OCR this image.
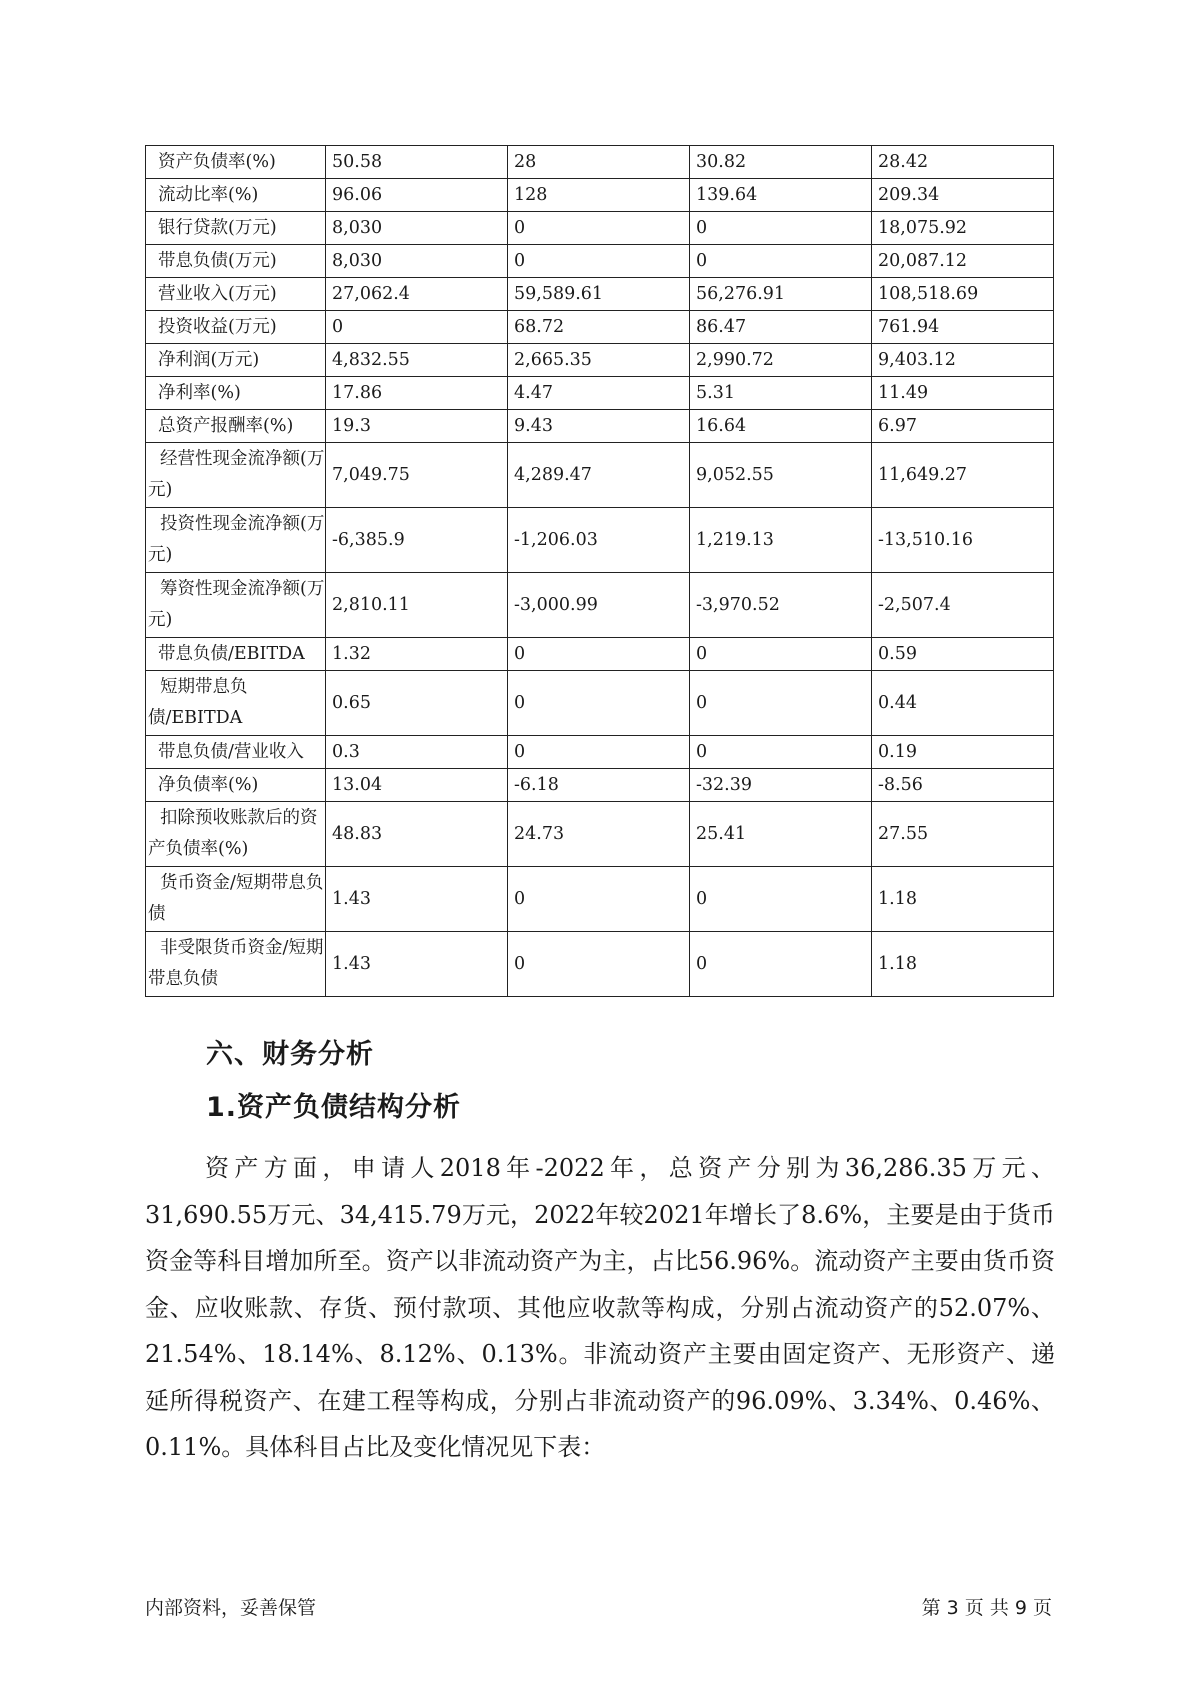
资产负债率(%)	50.58	28	30.82	28.42
流动比率(%)	96.06	128	139.64	209.34
银行贷款(万元)	8,030	0	0	18,075.92
带息负债(万元)	8,030	0	0	20,087.12
营业收入(万元)	27,062.4	59,589.61	56,276.91	108,518.69
投资收益(万元)	0	68.72	86.47	761.94
净利润(万元)	4,832.55	2,665.35	2,990.72	9,403.12
净利率(%)	17.86	4.47	5.31	11.49
总资产报酬率(%)	19.3	9.43	16.64	6.97
经营性现金流净额(万元)	7,049.75	4,289.47	9,052.55	11,649.27
投资性现金流净额(万元)	-6,385.9	-1,206.03	1,219.13	-13,510.16
筹资性现金流净额(万元)	2,810.11	-3,000.99	-3,970.52	-2,507.4
带息负债/EBITDA	1.32	0	0	0.59
短期带息负债/EBITDA	0.65	0	0	0.44
带息负债/营业收入	0.3	0	0	0.19
净负债率(%)	13.04	-6.18	-32.39	-8.56
扣除预收账款后的资产负债率(%)	48.83	24.73	25.41	27.55
货币资金/短期带息负债	1.43	0	0	1.18
非受限货币资金/短期带息负债	1.43	0	0	1.18
六、财务分析
1.资产负债结构分析

资产方面，申请人2018年-2022年，总资产分别为36,286.35万元、31,690.55万元、34,415.79万元，2022年较2021年增长了8.6%，主要是由于货币资金等科目增加所至。资产以非流动资产为主，占比56.96%。流动资产主要由货币资金、应收账款、存货、预付款项、其他应收款等构成，分别占流动资产的52.07%、21.54%、18.14%、8.12%、0.13%。非流动资产主要由固定资产、无形资产、递延所得税资产、在建工程等构成，分别占非流动资产的96.09%、3.34%、0.46%、0.11%。具体科目占比及变化情况见下表：

内部资料，妥善保管	第 3 页 共 9 页
